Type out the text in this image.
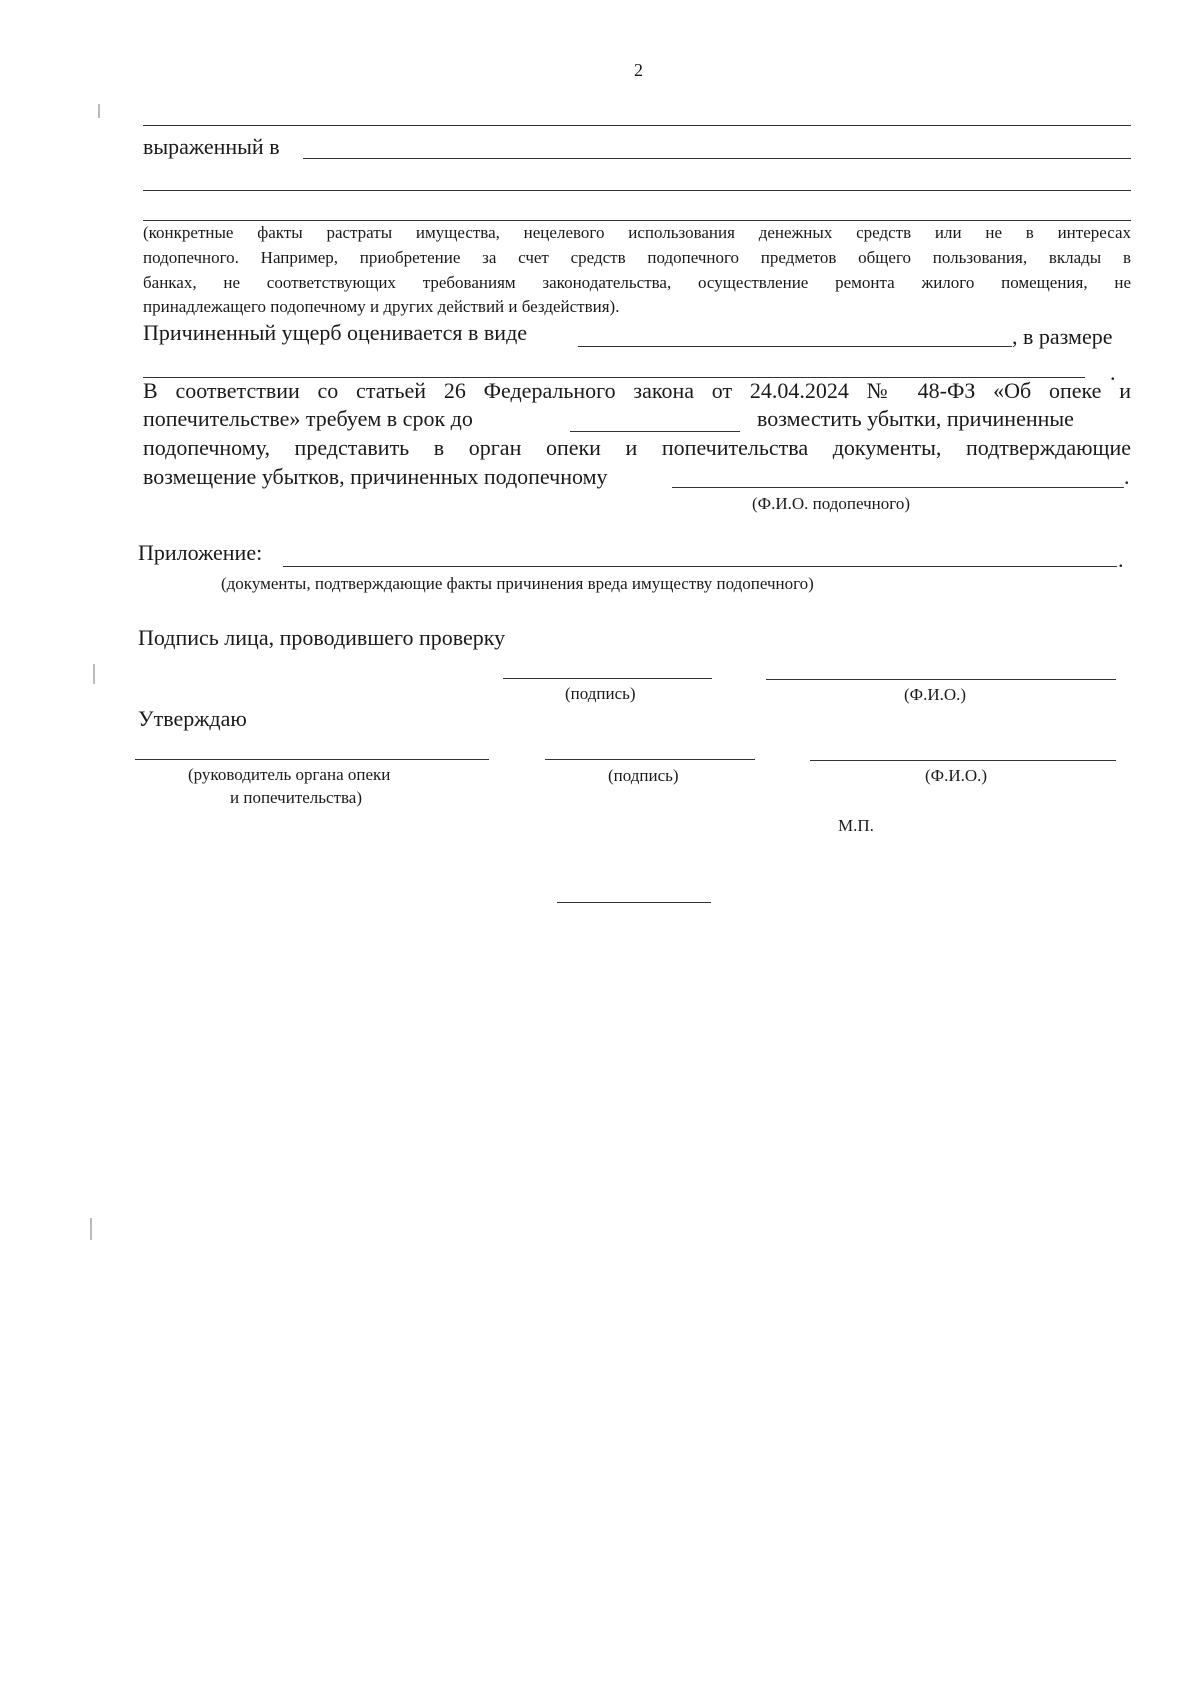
2
выраженный в
(конкретные факты растраты имущества, нецелевого использования денежных средств или не в интересах
подопечного. Например, приобретение за счет средств подопечного предметов общего пользования, вклады в
банках, не соответствующих требованиям законодательства, осуществление ремонта жилого помещения, не
принадлежащего подопечному и других действий и бездействия).
Причиненный ущерб оценивается в виде	, в размере
.
В соответствии со статьей 26 Федерального закона от 24.04.2024 № 48-ФЗ «Об опеке и
попечительстве» требуем в срок до	возместить убытки, причиненные
подопечному, представить в орган опеки и попечительства документы, подтверждающие
возмещение убытков, причиненных подопечному	.
(Ф.И.О. подопечного)
Приложение:	.
(документы, подтверждающие факты причинения вреда имуществу подопечного)
Подпись лица, проводившего проверку
(подпись)	(Ф.И.О.)
Утверждаю
(руководитель органа опеки
и попечительства)
(подпись)	(Ф.И.О.)
М.П.
